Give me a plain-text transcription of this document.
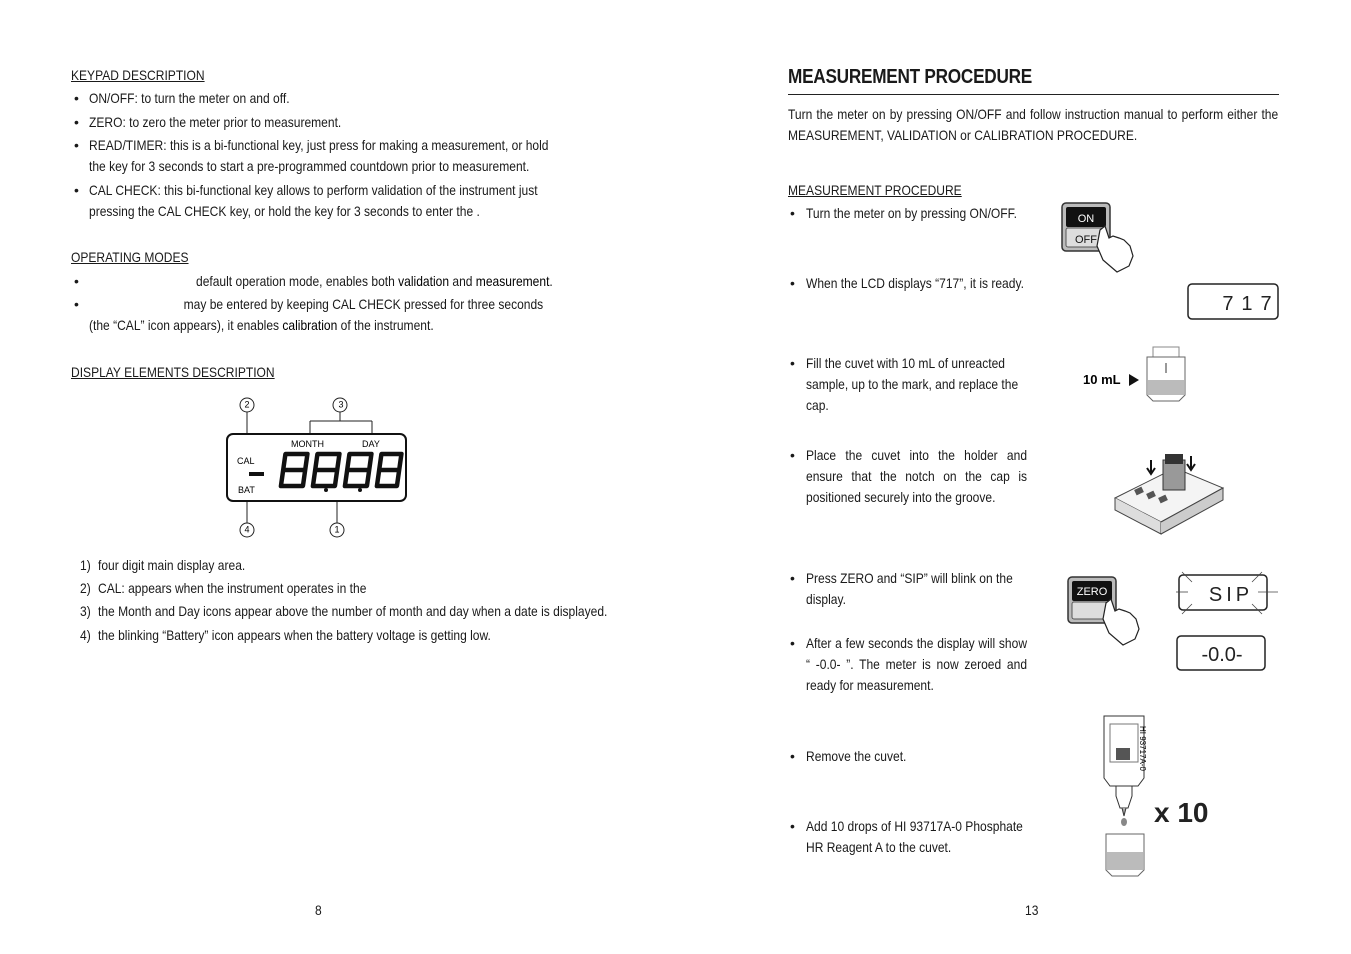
KEYPAD DESCRIPTION
• ON/OFF: to turn the meter on and off.
• ZERO: to zero the meter prior to measurement.
• READ/TIMER: this is a bi-functional key, just press for making a measurement, or hold the key for 3 seconds to start a pre-programmed countdown prior to measurement.
• CAL CHECK: this bi-functional key allows to perform validation of the instrument just pressing the CAL CHECK key, or hold the key for 3 seconds to enter the .
OPERATING MODES
•	default operation mode, enables both validation and measurement.
•	may be entered by keeping CAL CHECK pressed for three seconds (the “CAL” icon appears), it enables calibration of the instrument.
DISPLAY ELEMENTS DESCRIPTION
3
2
4	1
MONTH	DAY
CAL
BAT
1) four digit main display area.
2) CAL: appears when the instrument operates in the
3) the Month and Day icons appear above the number of month and day when a date is displayed.
4) the blinking “Battery” icon appears when the battery voltage is getting low.
8
MEASUREMENT PROCEDURE
Turn the meter on by pressing ON/OFF and follow instruction manual to perform either the MEASUREMENT, VALIDATION or CALIBRATION PROCEDURE.
MEASUREMENT PROCEDURE
• Turn the meter on by pressing ON/OFF.
• When the LCD displays “717”, it is ready.
• Fill the cuvet with 10 mL of unreacted sample, up to the mark, and replace the cap.
• Place the cuvet into the holder and ensure that the notch on the cap is positioned securely into the groove.
• Press ZERO and “SIP” will blink on the display.
• After a few seconds the display will show “ -0.0- ”. The meter is now zeroed and ready for measurement.
• Remove the cuvet.
• Add 10 drops of HI 93717A-0 Phosphate HR Reagent A to the cuvet.
ON
OFF
717
10 mL
ZERO	SIP
-0.0-
HI 93717A-0
x 10
13
